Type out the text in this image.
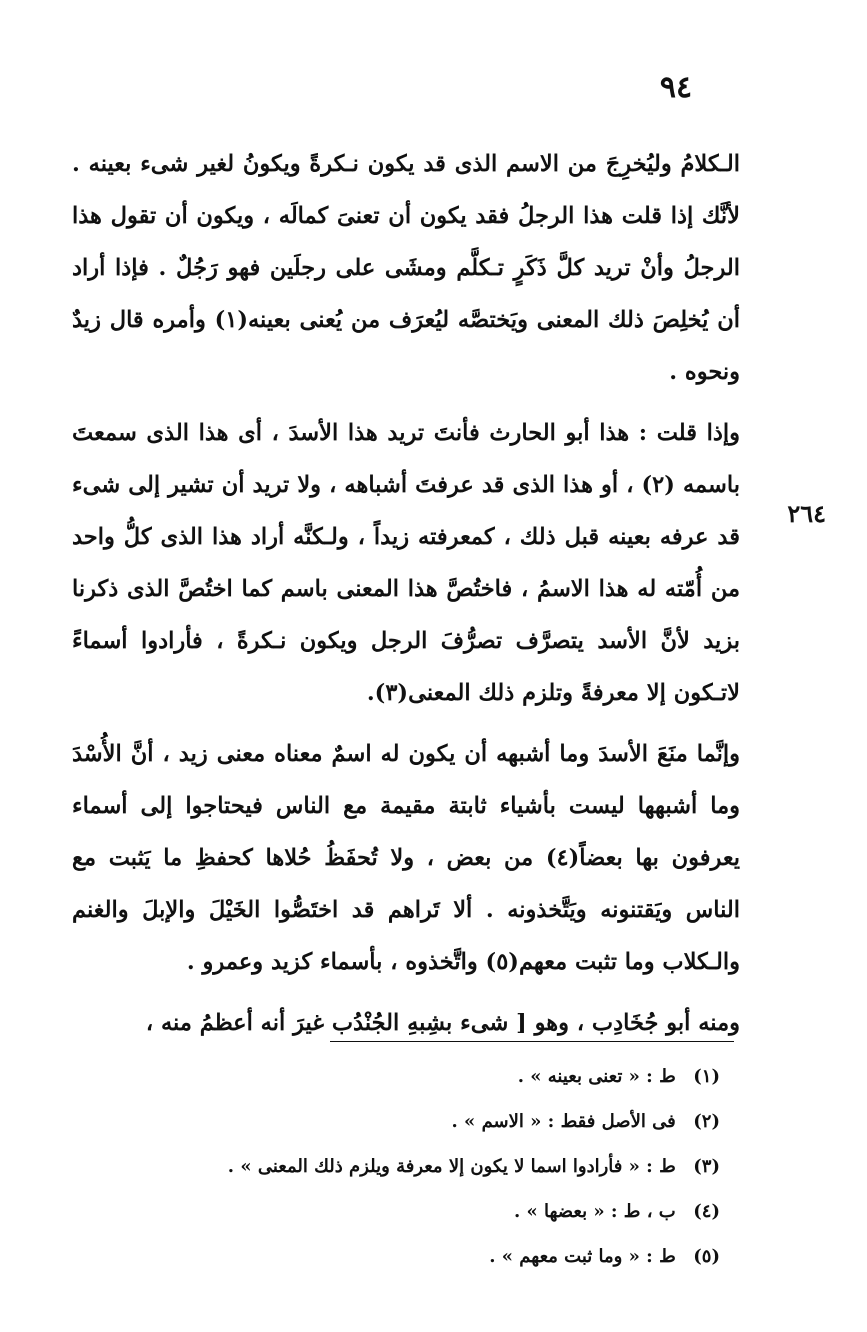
٩٤
٢٦٤

الـكلامُ وليُخرِجَ من الاسم الذى قد يكون نـكرةً ويكونُ لغير شىء بعينه . لأنَّك إذا قلت هذا الرجلُ فقد يكون أن تعنىَ كمالَه ، ويكون أن تقول هذا الرجلُ وأنْ تريد كلَّ ذَكَرٍ تـكلَّم ومشَى على رجلَين فهو رَجُلٌ . فإذا أراد أن يُخلِصَ ذلك المعنى ويَختصَّه ليُعرَف من يُعنى بعينه(١) وأمره قال زيدٌ ونحوه .

وإذا قلت : هذا أبو الحارث فأنتَ تريد هذا الأسدَ ، أى هذا الذى سمعتَ باسمه (٢) ، أو هذا الذى قد عرفتَ أشباهه ، ولا تريد أن تشير إلى شىء قد عرفه بعينه قبل ذلك ، كمعرفته زيداً ، ولـكنَّه أراد هذا الذى كلُّ واحد من أُمّته له هذا الاسمُ ، فاختُصَّ هذا المعنى باسم كما اختُصَّ الذى ذكرنا بزيد لأنَّ الأسد يتصرَّف تصرُّفَ الرجل ويكون نـكرةً ، فأرادوا أسماءً لاتـكون إلا معرفةً وتلزم ذلك المعنى(٣).

وإنَّما منَعَ الأسدَ وما أشبهه أن يكون له اسمٌ معناه معنى زيد ، أنَّ الأُسْدَ وما أشبهها ليست بأشياء ثابتة مقيمة مع الناس فيحتاجوا إلى أسماء يعرفون بها بعضاً(٤) من بعض ، ولا تُحفَظُ حُلاها كحفظِ ما يَثبت مع الناس ويَقتنونه ويَتَّخذونه . ألا تَراهم قد اختَصُّوا الخَيْلَ والإبلَ والغنم والـكلاب وما تثبت معهم(٥) واتَّخذوه ، بأسماء كزيد وعمرو .

ومنه أبو جُخَادِب ، وهو [ شىء بشِبهِ الجُنْدُب غيرَ أنه أعظمُ منه ،

(١) ط : « تعنى بعينه » .
(٢) فى الأصل فقط : « الاسم » .
(٣) ط : « فأرادوا اسما لا يكون إلا معرفة ويلزم ذلك المعنى » .
(٤) ب ، ط : « بعضها » .
(٥) ط : « وما ثبت معهم » .
